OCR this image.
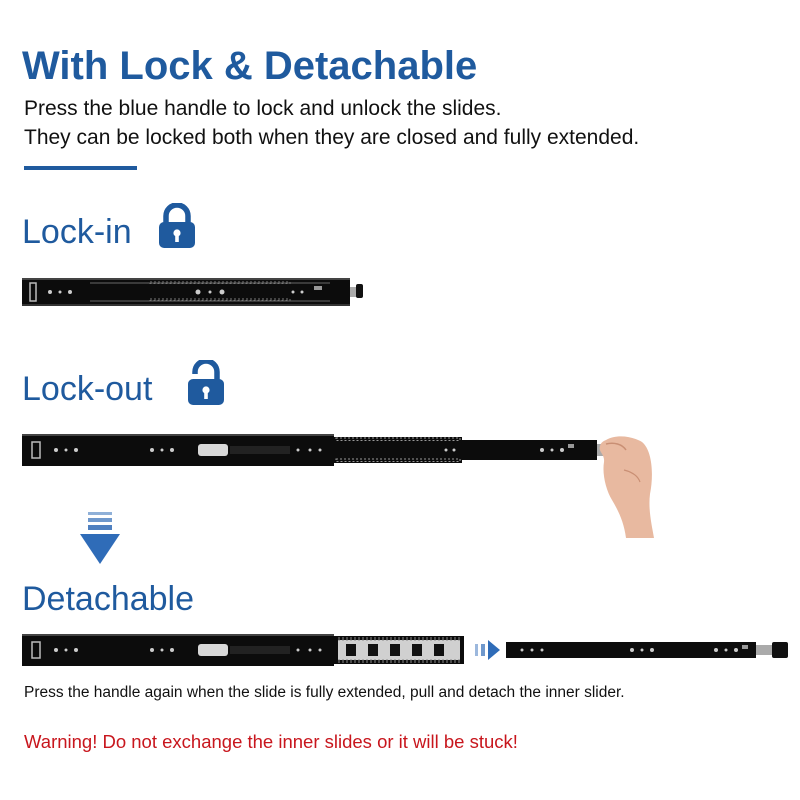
With Lock & Detachable
Press the blue handle to lock and unlock the slides.
They can be locked both when they are closed and fully extended.
Lock-in
Lock-out
Detachable
Press the handle again when the slide is fully extended, pull and detach the inner slider.
Warning! Do not exchange the inner slides or it will be stuck!
